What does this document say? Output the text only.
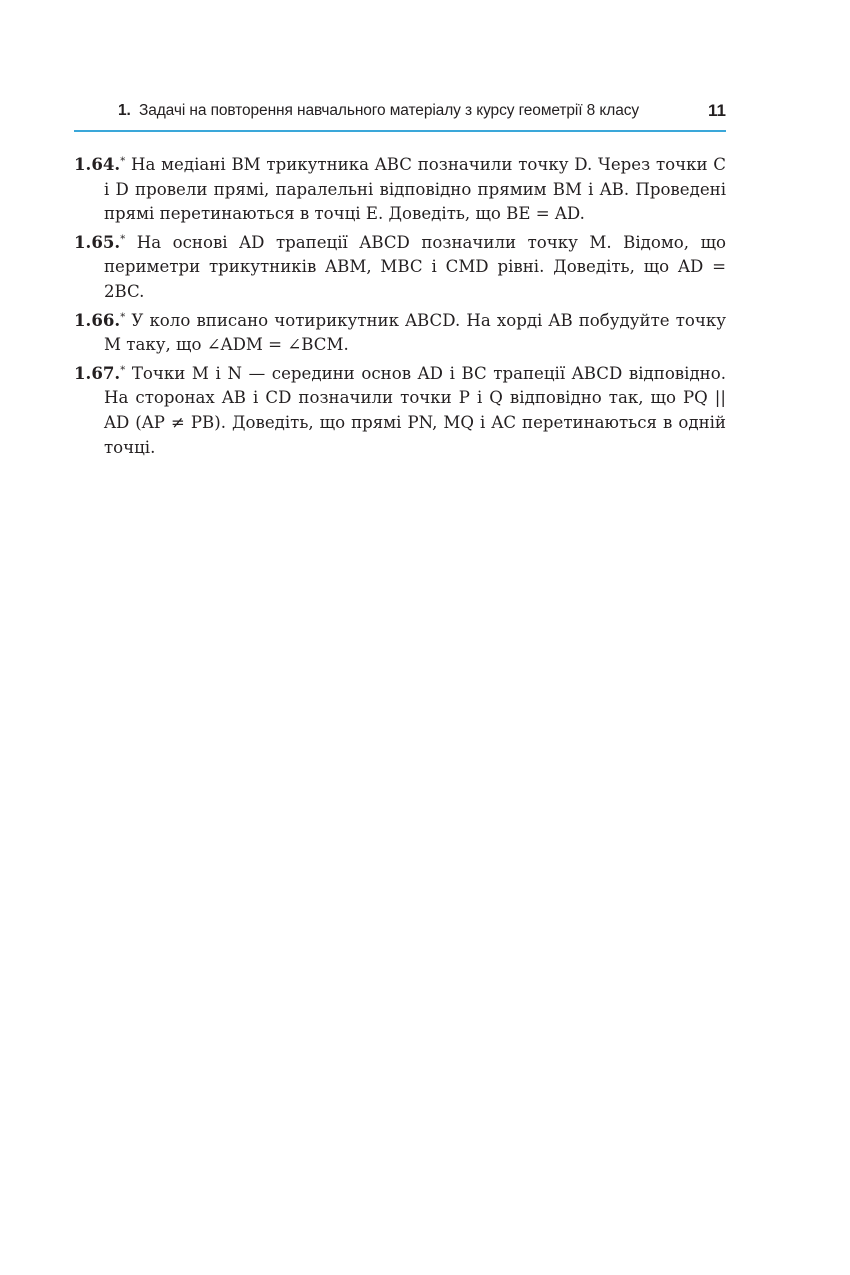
1. Задачі на повторення навчального матеріалу з курсу геометрії 8 класу	11

1.64.* На медіані BM трикутника ABC позначили точку D. Через точки C і D провели прямі, паралельні відповідно прямим BM і AB. Проведені прямі перетинаються в точці E. Доведіть, що BE = AD.

1.65.* На основі AD трапеції ABCD позначили точку M. Відомо, що периметри трикутників ABM, MBC і CMD рівні. Доведіть, що AD = 2BC.

1.66.* У коло вписано чотирикутник ABCD. На хорді AB побудуйте точку M таку, що ∠ADM = ∠BCM.

1.67.* Точки M і N — середини основ AD і BC трапеції ABCD відповідно. На сторонах AB і CD позначили точки P і Q відповідно так, що PQ || AD (AP ≠ PB). Доведіть, що прямі PN, MQ і AC перетинаються в одній точці.
